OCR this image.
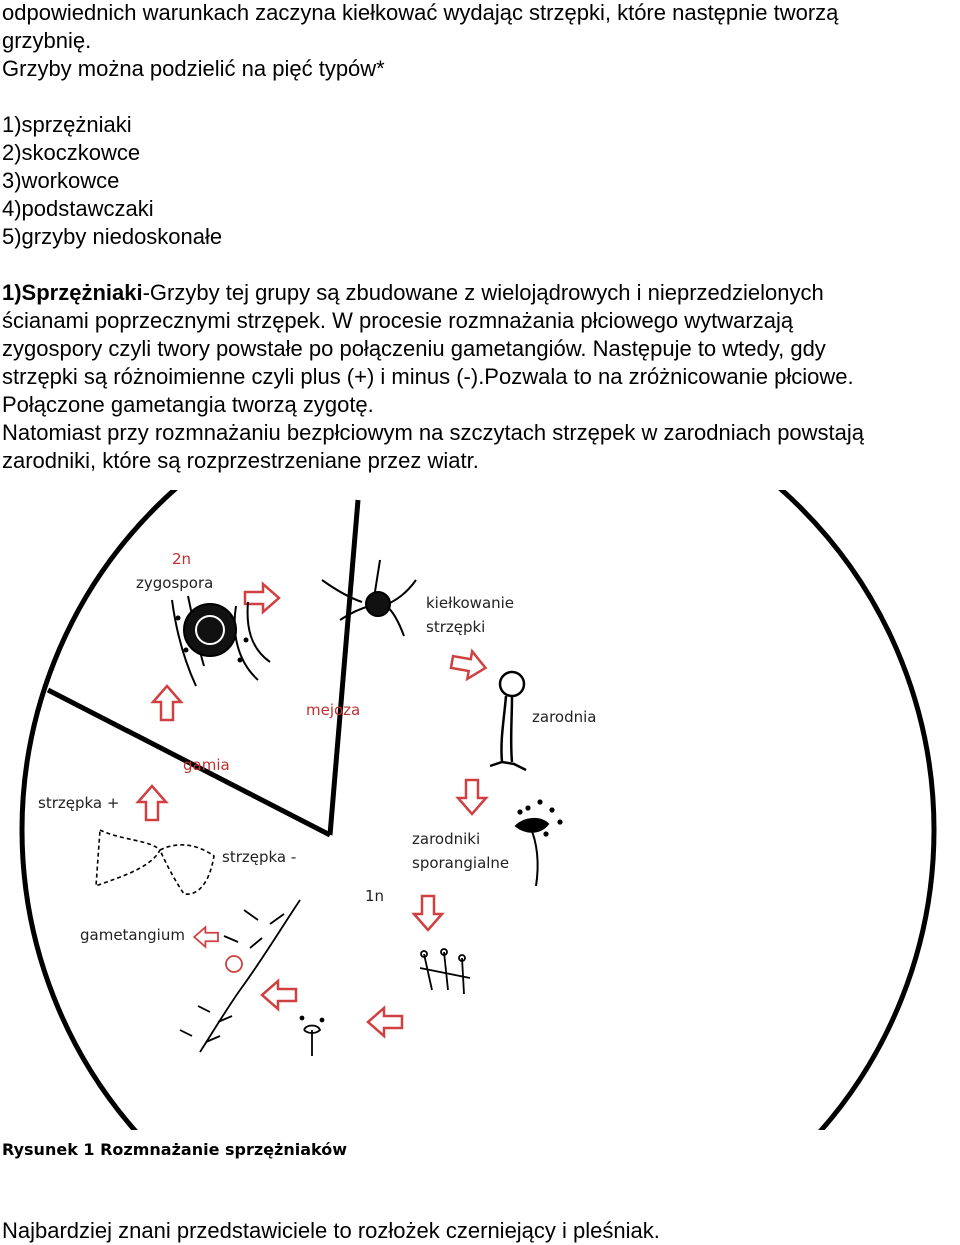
odpowiednich warunkach zaczyna kiełkować wydając strzępki, które następnie tworzą
grzybnię.
Grzyby można podzielić na pięć typów*
1)sprzężniaki
2)skoczkowce
3)workowce
4)podstawczaki
5)grzyby niedoskonałe
1)Sprzężniaki-Grzyby tej grupy są zbudowane z wielojądrowych i nieprzedzielonych
ścianami poprzecznymi strzępek. W procesie rozmnażania płciowego wytwarzają
zygospory czyli twory powstałe po połączeniu gametangiów. Następuje to wtedy, gdy
strzępki są różnoimienne czyli plus (+) i minus (-).Pozwala to na zróżnicowanie płciowe.
Połączone gametangia tworzą zygotę.
Natomiast przy rozmnażaniu bezpłciowym na szczytach strzępek w zarodniach powstają
zarodniki, które są rozprzestrzeniane przez wiatr.
2n
zygospora
kiełkowanie
strzępki
mejoza	zarodnia
gamia
strzępka +
strzępka -
zarodniki
sporangialne
1n
gametangium
Rysunek 1 Rozmnażanie sprzężniaków
Najbardziej znani przedstawiciele to rozłożek czerniejący i pleśniak.
